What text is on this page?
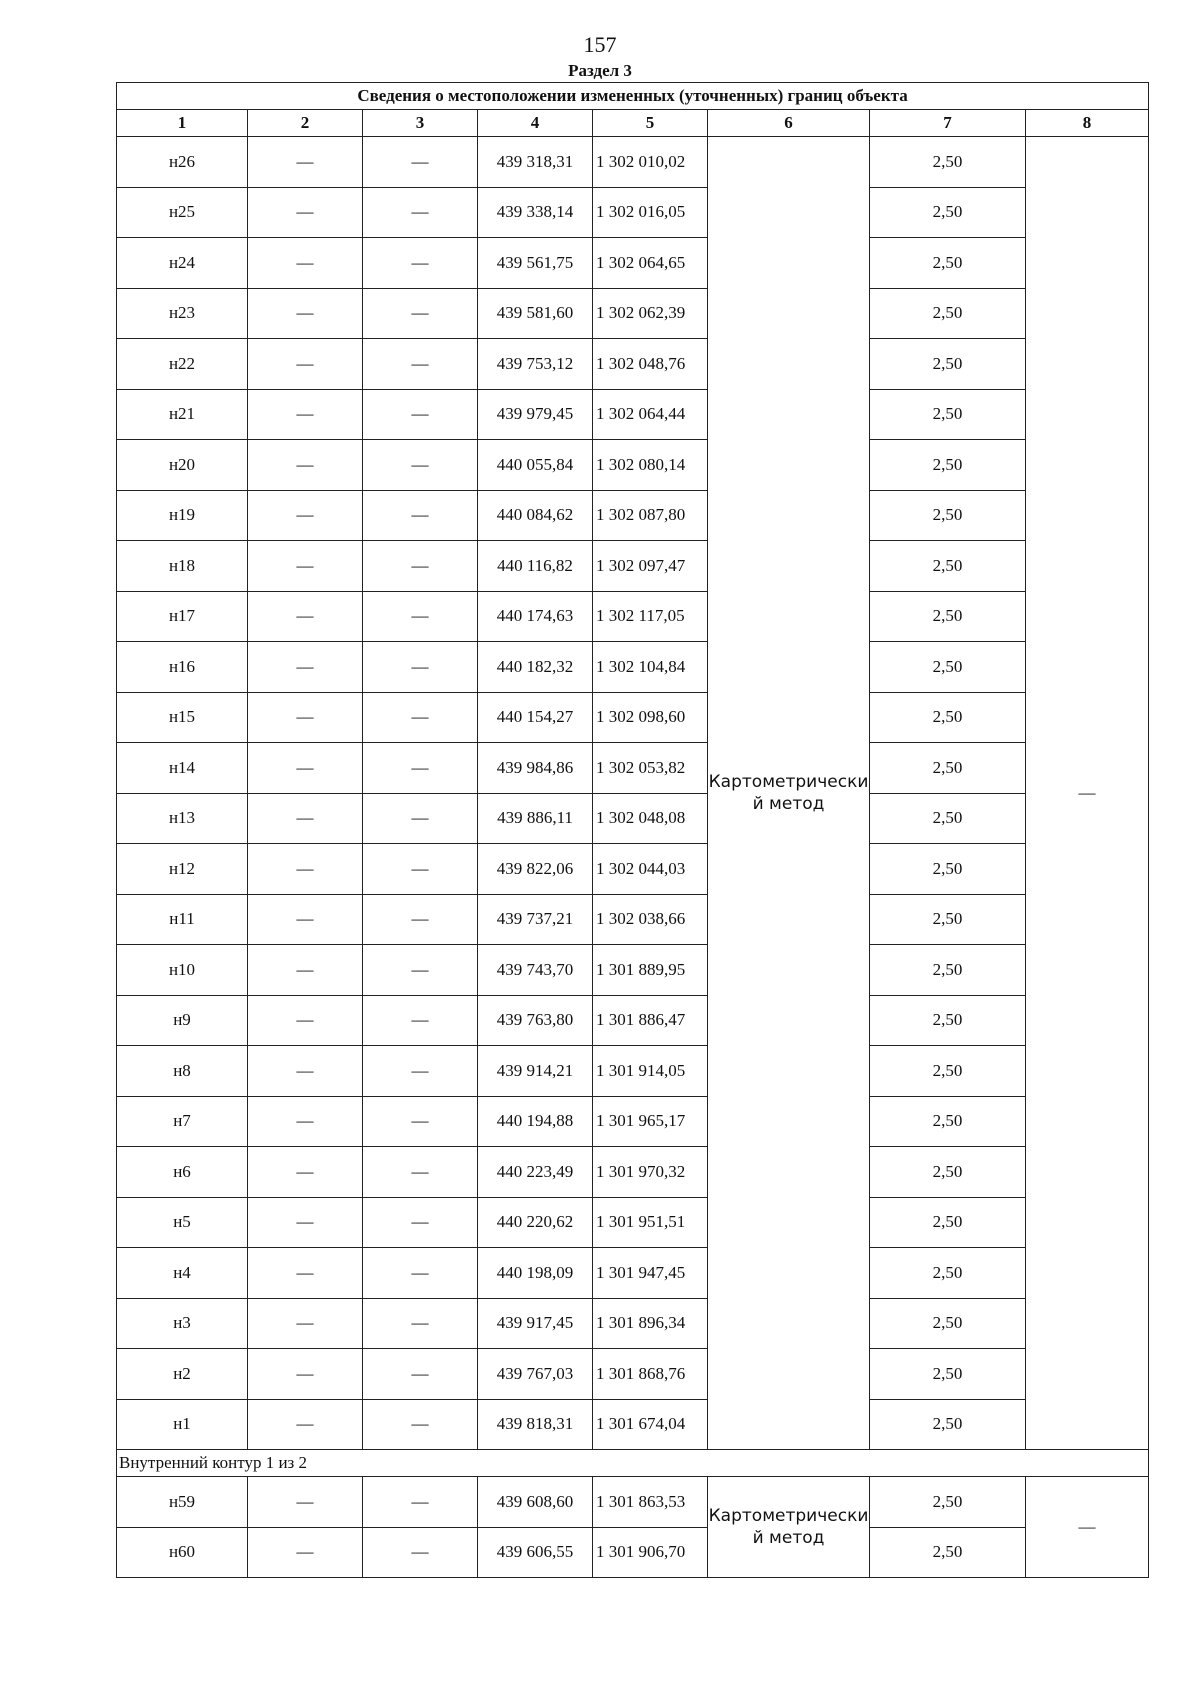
157
Раздел 3
Сведения о местоположении измененных (уточненных) границ объекта							
1	2	3	4	5	6	7	8
н26	—	—	439 318,31	1 302 010,02	Картометрический метод	2,50	—
н25	—	—	439 338,14	1 302 016,05		2,50	
н24	—	—	439 561,75	1 302 064,65		2,50	
н23	—	—	439 581,60	1 302 062,39		2,50	
н22	—	—	439 753,12	1 302 048,76		2,50	
н21	—	—	439 979,45	1 302 064,44		2,50	
н20	—	—	440 055,84	1 302 080,14		2,50	
н19	—	—	440 084,62	1 302 087,80		2,50	
н18	—	—	440 116,82	1 302 097,47		2,50	
н17	—	—	440 174,63	1 302 117,05		2,50	
н16	—	—	440 182,32	1 302 104,84		2,50	
н15	—	—	440 154,27	1 302 098,60		2,50	
н14	—	—	439 984,86	1 302 053,82		2,50	
н13	—	—	439 886,11	1 302 048,08		2,50	
н12	—	—	439 822,06	1 302 044,03		2,50	
н11	—	—	439 737,21	1 302 038,66		2,50	
н10	—	—	439 743,70	1 301 889,95		2,50	
н9	—	—	439 763,80	1 301 886,47		2,50	
н8	—	—	439 914,21	1 301 914,05		2,50	
н7	—	—	440 194,88	1 301 965,17		2,50	
н6	—	—	440 223,49	1 301 970,32		2,50	
н5	—	—	440 220,62	1 301 951,51		2,50	
н4	—	—	440 198,09	1 301 947,45		2,50	
н3	—	—	439 917,45	1 301 896,34		2,50	
н2	—	—	439 767,03	1 301 868,76		2,50	
н1	—	—	439 818,31	1 301 674,04		2,50	
Внутренний контур 1 из 2							
н59	—	—	439 608,60	1 301 863,53	Картометрический метод	2,50	—
н60	—	—	439 606,55	1 301 906,70		2,50	
